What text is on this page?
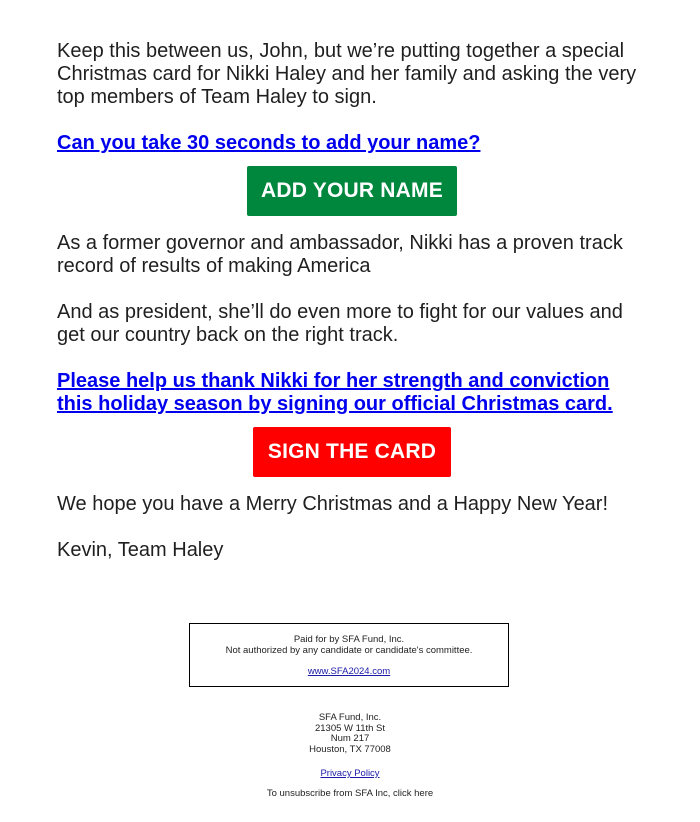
Keep this between us, John, but we’re putting together a special Christmas card for Nikki Haley and her family and asking the very top members of Team Haley to sign.

Can you take 30 seconds to add your name?

ADD YOUR NAME

As a former governor and ambassador, Nikki has a proven track record of results of making America

And as president, she’ll do even more to fight for our values and get our country back on the right track.

Please help us thank Nikki for her strength and conviction this holiday season by signing our official Christmas card.

SIGN THE CARD

We hope you have a Merry Christmas and a Happy New Year!

Kevin, Team Haley

Paid for by SFA Fund, Inc.
Not authorized by any candidate or candidate's committee.
www.SFA2024.com
SFA Fund, Inc.
21305 W 11th St
Num 217
Houston, TX 77008
Privacy Policy
To unsubscribe from SFA Inc, click here
